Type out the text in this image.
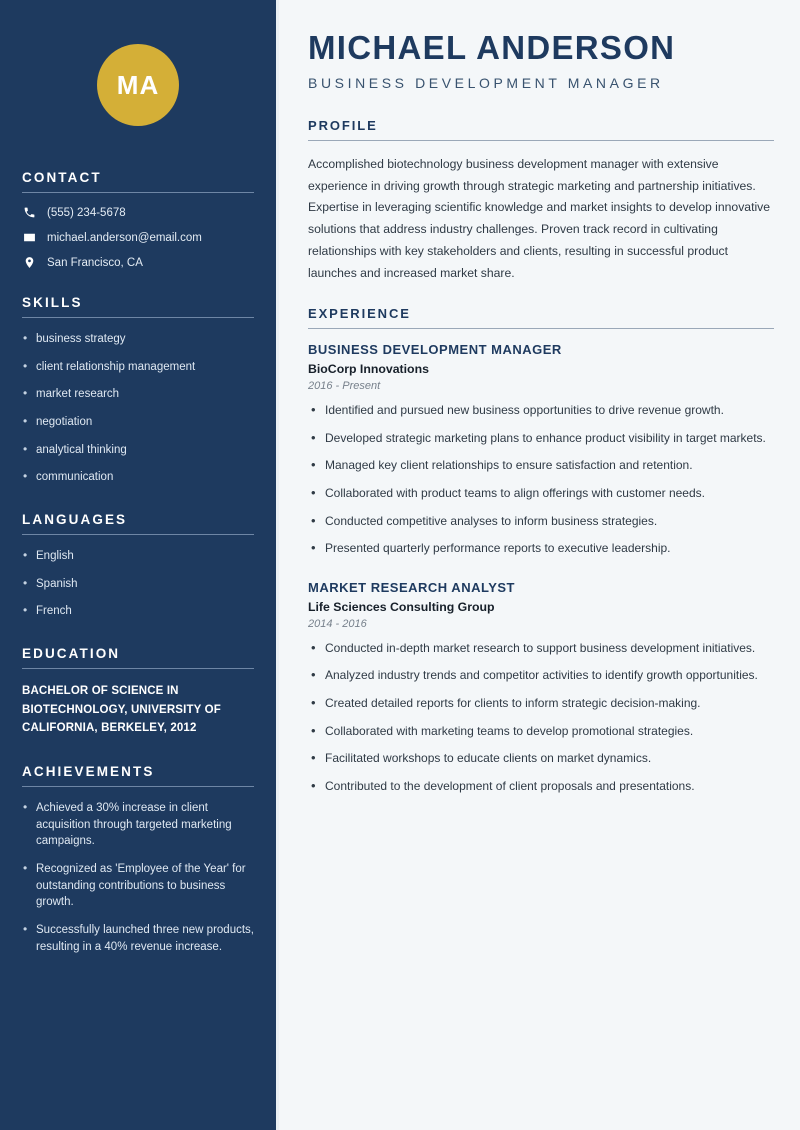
MA
CONTACT
(555) 234-5678
michael.anderson@email.com
San Francisco, CA
SKILLS
• business strategy
• client relationship management
• market research
• negotiation
• analytical thinking
• communication
LANGUAGES
• English
• Spanish
• French
EDUCATION
BACHELOR OF SCIENCE IN BIOTECHNOLOGY, UNIVERSITY OF CALIFORNIA, BERKELEY, 2012
ACHIEVEMENTS
• Achieved a 30% increase in client acquisition through targeted marketing campaigns.
• Recognized as 'Employee of the Year' for outstanding contributions to business growth.
• Successfully launched three new products, resulting in a 40% revenue increase.
MICHAEL ANDERSON
BUSINESS DEVELOPMENT MANAGER
PROFILE

Accomplished biotechnology business development manager with extensive experience in driving growth through strategic marketing and partnership initiatives. Expertise in leveraging scientific knowledge and market insights to develop innovative solutions that address industry challenges. Proven track record in cultivating relationships with key stakeholders and clients, resulting in successful product launches and increased market share.

EXPERIENCE
BUSINESS DEVELOPMENT MANAGER
BioCorp Innovations
2016 - Present
• Identified and pursued new business opportunities to drive revenue growth.
• Developed strategic marketing plans to enhance product visibility in target markets.
• Managed key client relationships to ensure satisfaction and retention.
• Collaborated with product teams to align offerings with customer needs.
• Conducted competitive analyses to inform business strategies.
• Presented quarterly performance reports to executive leadership.
MARKET RESEARCH ANALYST
Life Sciences Consulting Group
2014 - 2016
• Conducted in-depth market research to support business development initiatives.
• Analyzed industry trends and competitor activities to identify growth opportunities.
• Created detailed reports for clients to inform strategic decision-making.
• Collaborated with marketing teams to develop promotional strategies.
• Facilitated workshops to educate clients on market dynamics.
• Contributed to the development of client proposals and presentations.
